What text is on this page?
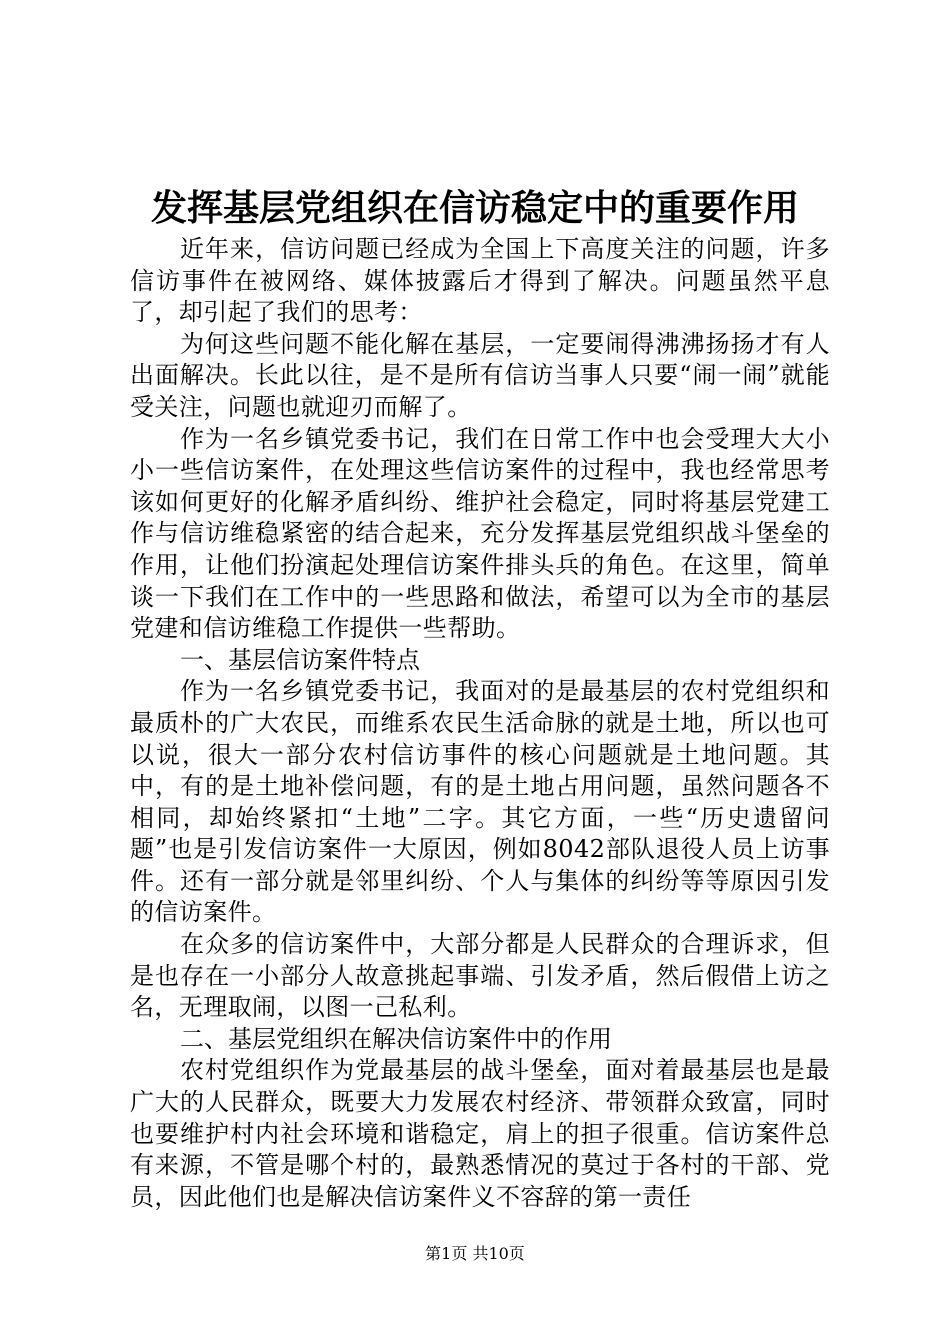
发挥基层党组织在信访稳定中的重要作用

近年来，信访问题已经成为全国上下高度关注的问题，许多信访事件在被网络、媒体披露后才得到了解决。问题虽然平息了，却引起了我们的思考：

为何这些问题不能化解在基层，一定要闹得沸沸扬扬才有人出面解决。长此以往，是不是所有信访当事人只要“闹一闹”就能受关注，问题也就迎刃而解了。

作为一名乡镇党委书记，我们在日常工作中也会受理大大小小一些信访案件，在处理这些信访案件的过程中，我也经常思考该如何更好的化解矛盾纠纷、维护社会稳定，同时将基层党建工作与信访维稳紧密的结合起来，充分发挥基层党组织战斗堡垒的作用，让他们扮演起处理信访案件排头兵的角色。在这里，简单谈一下我们在工作中的一些思路和做法，希望可以为全市的基层党建和信访维稳工作提供一些帮助。

一、基层信访案件特点

作为一名乡镇党委书记，我面对的是最基层的农村党组织和最质朴的广大农民，而维系农民生活命脉的就是土地，所以也可以说，很大一部分农村信访事件的核心问题就是土地问题。其中，有的是土地补偿问题，有的是土地占用问题，虽然问题各不相同，却始终紧扣“土地”二字。其它方面，一些“历史遗留问题”也是引发信访案件一大原因，例如8042部队退役人员上访事件。还有一部分就是邻里纠纷、个人与集体的纠纷等等原因引发的信访案件。

在众多的信访案件中，大部分都是人民群众的合理诉求，但是也存在一小部分人故意挑起事端、引发矛盾，然后假借上访之名，无理取闹，以图一己私利。

二、基层党组织在解决信访案件中的作用

农村党组织作为党最基层的战斗堡垒，面对着最基层也是最广大的人民群众，既要大力发展农村经济、带领群众致富，同时也要维护村内社会环境和谐稳定，肩上的担子很重。信访案件总有来源，不管是哪个村的，最熟悉情况的莫过于各村的干部、党员，因此他们也是解决信访案件义不容辞的第一责任

第1页 共10页
